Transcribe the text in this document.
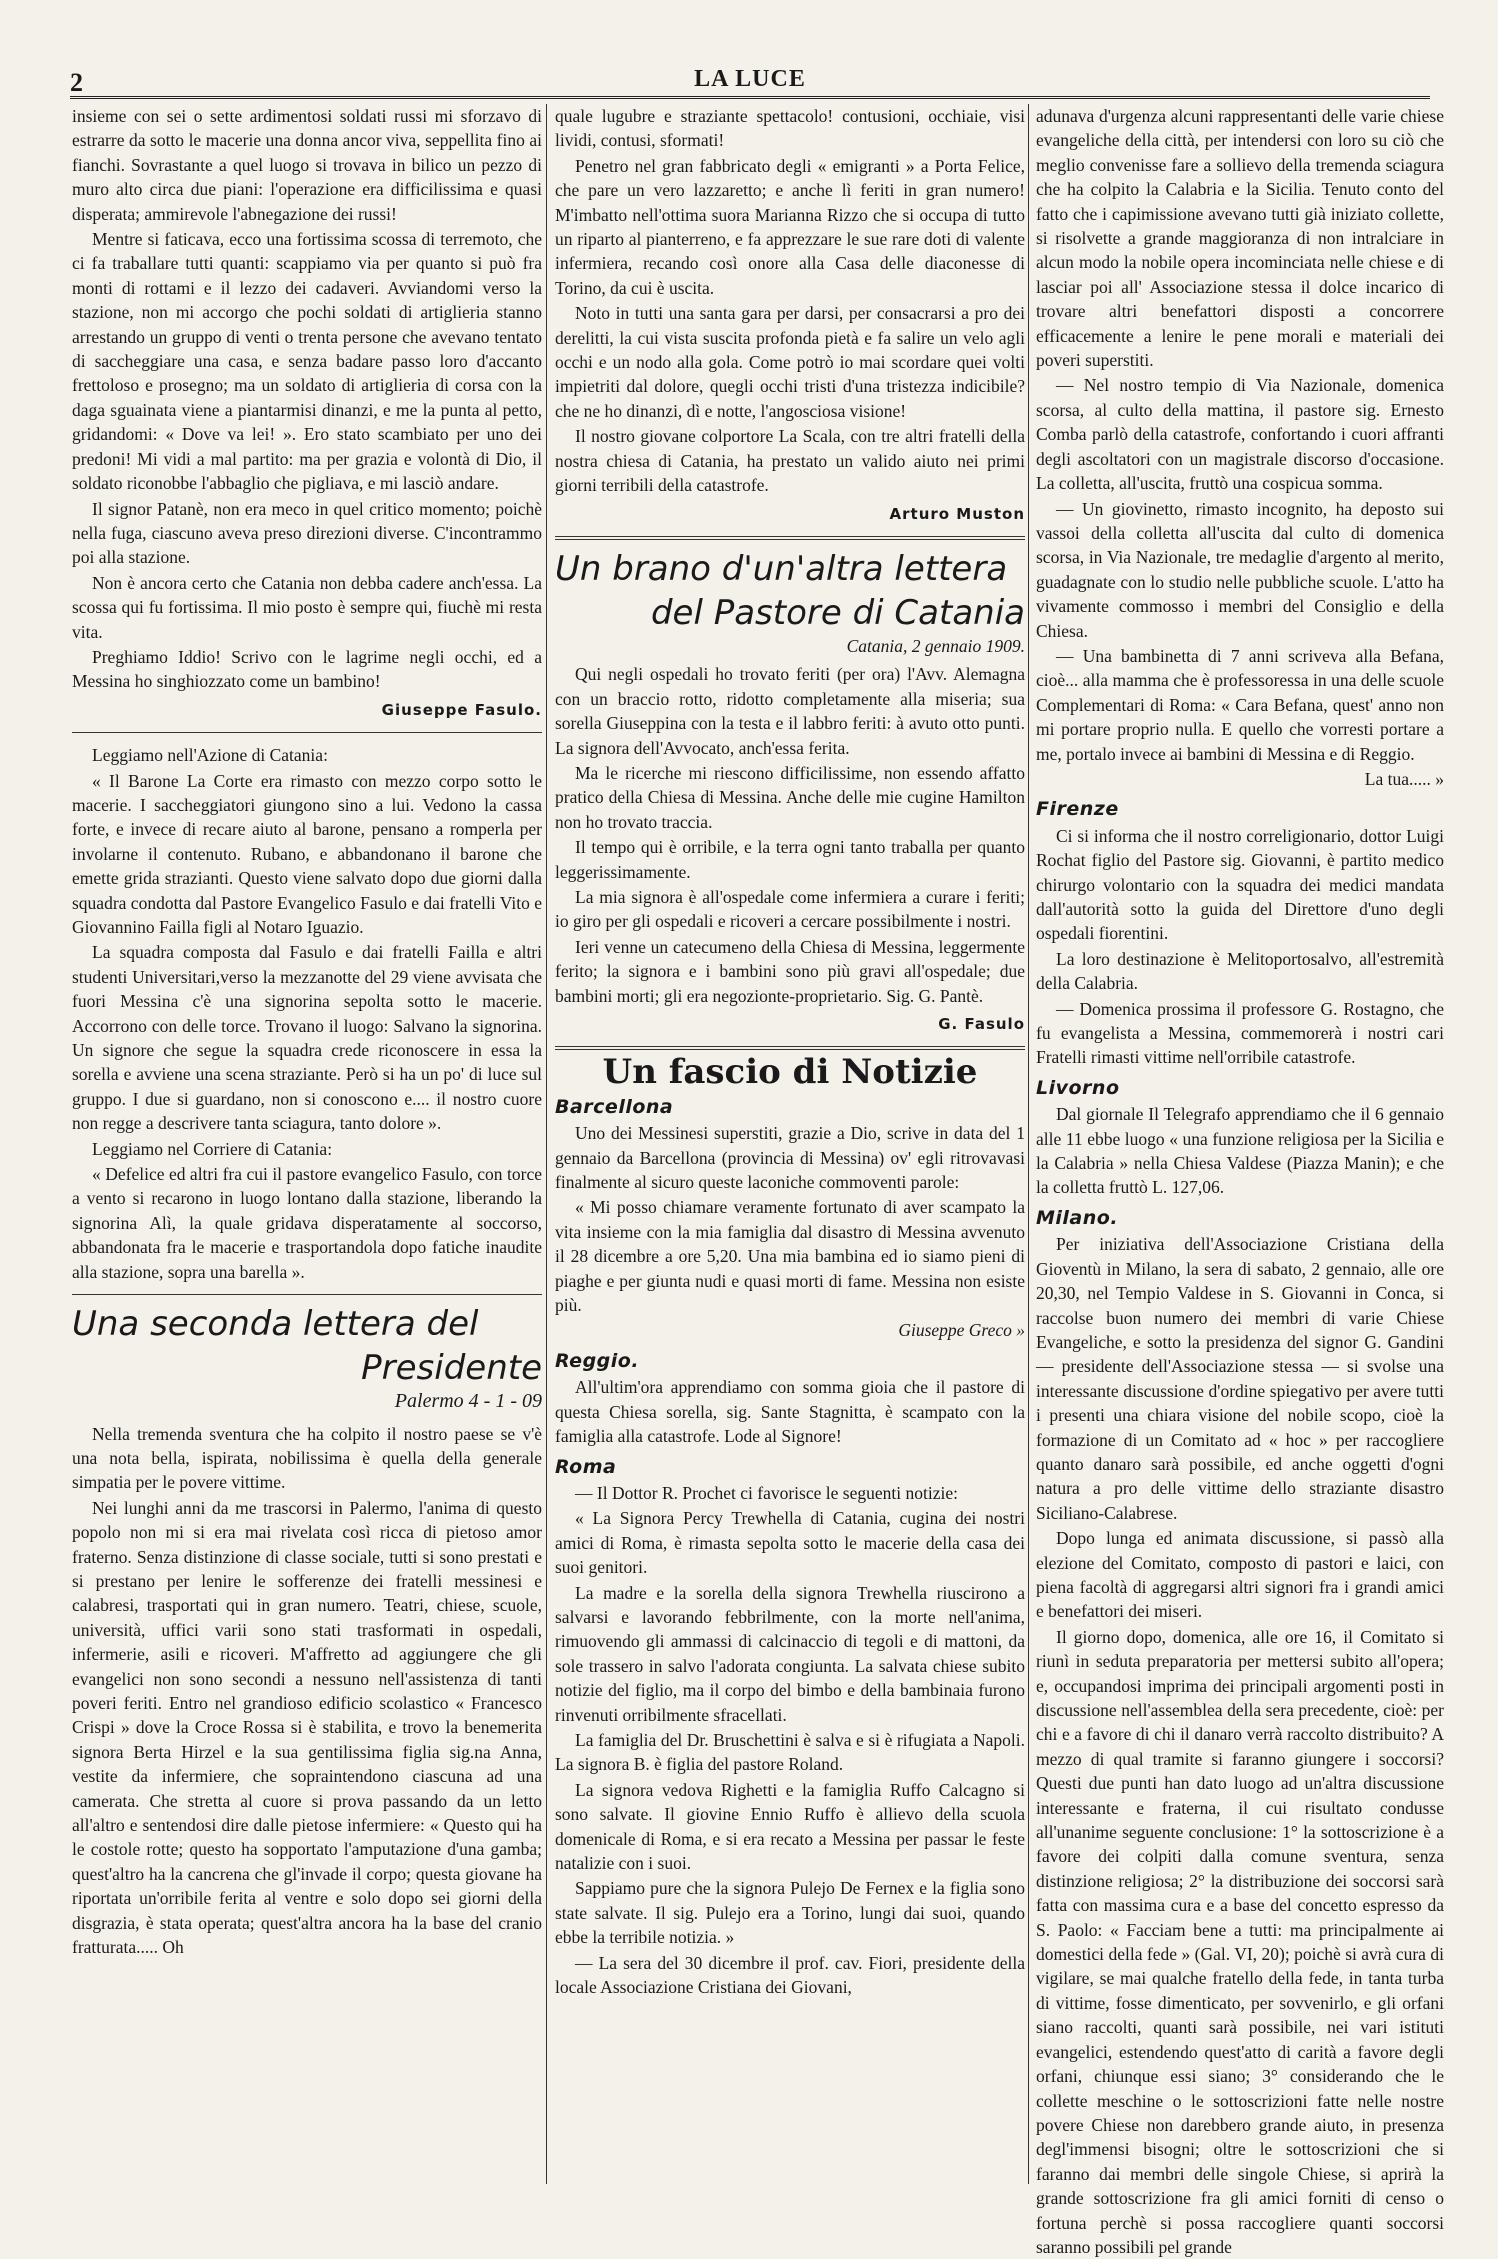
2	LA LUCE

insieme con sei o sette ardimentosi soldati russi mi sforzavo di estrarre da sotto le macerie una donna ancor viva, seppellita fino ai fianchi. Sovrastante a quel luogo si trovava in bilico un pezzo di muro alto circa due piani: l'operazione era difficilissima e quasi disperata; ammirevole l'abnegazione dei russi!

Mentre si faticava, ecco una fortissima scossa di terremoto, che ci fa traballare tutti quanti: scappiamo via per quanto si può fra monti di rottami e il lezzo dei cadaveri. Avviandomi verso la stazione, non mi accorgo che pochi soldati di artiglieria stanno arrestando un gruppo di venti o trenta persone che avevano tentato di saccheggiare una casa, e senza badare passo loro d'accanto frettoloso e prosegno; ma un soldato di artiglieria di corsa con la daga sguainata viene a piantarmisi dinanzi, e me la punta al petto, gridandomi: « Dove va lei! ». Ero stato scambiato per uno dei predoni! Mi vidi a mal partito: ma per grazia e volontà di Dio, il soldato riconobbe l'abbaglio che pigliava, e mi lasciò andare.

Il signor Patanè, non era meco in quel critico momento; poichè nella fuga, ciascuno aveva preso direzioni diverse. C'incontrammo poi alla stazione.

Non è ancora certo che Catania non debba cadere anch'essa. La scossa qui fu fortissima. Il mio posto è sempre qui, fiuchè mi resta vita.

Preghiamo Iddio! Scrivo con le lagrime negli occhi, ed a Messina ho singhiozzato come un bambino!

Giuseppe Fasulo.

Leggiamo nell'Azione di Catania:

« Il Barone La Corte era rimasto con mezzo corpo sotto le macerie. I saccheggiatori giungono sino a lui. Vedono la cassa forte, e invece di recare aiuto al barone, pensano a romperla per involarne il contenuto. Rubano, e abbandonano il barone che emette grida strazianti. Questo viene salvato dopo due giorni dalla squadra condotta dal Pastore Evangelico Fasulo e dai fratelli Vito e Giovannino Failla figli al Notaro Iguazio.

La squadra composta dal Fasulo e dai fratelli Failla e altri studenti Universitari,verso la mezzanotte del 29 viene avvisata che fuori Messina c'è una signorina sepolta sotto le macerie. Accorrono con delle torce. Trovano il luogo: Salvano la signorina. Un signore che segue la squadra crede riconoscere in essa la sorella e avviene una scena straziante. Però si ha un po' di luce sul gruppo. I due si guardano, non si conoscono e.... il nostro cuore non regge a descrivere tanta sciagura, tanto dolore ».

Leggiamo nel Corriere di Catania:

« Defelice ed altri fra cui il pastore evangelico Fasulo, con torce a vento si recarono in luogo lontano dalla stazione, liberando la signorina Alì, la quale gridava disperatamente al soccorso, abbandonata fra le macerie e trasportandola dopo fatiche inaudite alla stazione, sopra una barella ».

Una seconda lettera del
Presidente
Palermo 4 - 1 - 09

Nella tremenda sventura che ha colpito il nostro paese se v'è una nota bella, ispirata, nobilissima è quella della generale simpatia per le povere vittime.

Nei lunghi anni da me trascorsi in Palermo, l'anima di questo popolo non mi si era mai rivelata così ricca di pietoso amor fraterno. Senza distinzione di classe sociale, tutti si sono prestati e si prestano per lenire le sofferenze dei fratelli messinesi e calabresi, trasportati qui in gran numero. Teatri, chiese, scuole, università, uffici varii sono stati trasformati in ospedali, infermerie, asili e ricoveri. M'affretto ad aggiungere che gli evangelici non sono secondi a nessuno nell'assistenza di tanti poveri feriti. Entro nel grandioso edificio scolastico « Francesco Crispi » dove la Croce Rossa si è stabilita, e trovo la benemerita signora Berta Hirzel e la sua gentilissima figlia sig.na Anna, vestite da infermiere, che sopraintendono ciascuna ad una camerata. Che stretta al cuore si prova passando da un letto all'altro e sentendosi dire dalle pietose infermiere: « Questo qui ha le costole rotte; questo ha sopportato l'amputazione d'una gamba; quest'altro ha la cancrena che gl'invade il corpo; questa giovane ha riportata un'orribile ferita al ventre e solo dopo sei giorni della disgrazia, è stata operata; quest'altra ancora ha la base del cranio fratturata..... Oh

quale lugubre e straziante spettacolo! contusioni, occhiaie, visi lividi, contusi, sformati!

Penetro nel gran fabbricato degli « emigranti » a Porta Felice, che pare un vero lazzaretto; e anche lì feriti in gran numero! M'imbatto nell'ottima suora Marianna Rizzo che si occupa di tutto un riparto al pianterreno, e fa apprezzare le sue rare doti di valente infermiera, recando così onore alla Casa delle diaconesse di Torino, da cui è uscita.

Noto in tutti una santa gara per darsi, per consacrarsi a pro dei derelitti, la cui vista suscita profonda pietà e fa salire un velo agli occhi e un nodo alla gola. Come potrò io mai scordare quei volti impietriti dal dolore, quegli occhi tristi d'una tristezza indicibile? che ne ho dinanzi, dì e notte, l'angosciosa visione!

Il nostro giovane colportore La Scala, con tre altri fratelli della nostra chiesa di Catania, ha prestato un valido aiuto nei primi giorni terribili della catastrofe.

Arturo Muston
Un brano d'un'altra lettera
del Pastore di Catania
Catania, 2 gennaio 1909.

Qui negli ospedali ho trovato feriti (per ora) l'Avv. Alemagna con un braccio rotto, ridotto completamente alla miseria; sua sorella Giuseppina con la testa e il labbro feriti: à avuto otto punti. La signora dell'Avvocato, anch'essa ferita.

Ma le ricerche mi riescono difficilissime, non essendo affatto pratico della Chiesa di Messina. Anche delle mie cugine Hamilton non ho trovato traccia.

Il tempo qui è orribile, e la terra ogni tanto traballa per quanto leggerissimamente.

La mia signora è all'ospedale come infermiera a curare i feriti; io giro per gli ospedali e ricoveri a cercare possibilmente i nostri.

Ieri venne un catecumeno della Chiesa di Messina, leggermente ferito; la signora e i bambini sono più gravi all'ospedale; due bambini morti; gli era negozionte-proprietario. Sig. G. Pantè.

G. Fasulo
Un fascio di Notizie
Barcellona

Uno dei Messinesi superstiti, grazie a Dio, scrive in data del 1 gennaio da Barcellona (provincia di Messina) ov' egli ritrovavasi finalmente al sicuro queste laconiche commoventi parole:

« Mi posso chiamare veramente fortunato di aver scampato la vita insieme con la mia famiglia dal disastro di Messina avvenuto il 28 dicembre a ore 5,20. Una mia bambina ed io siamo pieni di piaghe e per giunta nudi e quasi morti di fame. Messina non esiste più.

Giuseppe Greco »
Reggio.

All'ultim'ora apprendiamo con somma gioia che il pastore di questa Chiesa sorella, sig. Sante Stagnitta, è scampato con la famiglia alla catastrofe. Lode al Signore!

Roma

— Il Dottor R. Prochet ci favorisce le seguenti notizie:

« La Signora Percy Trewhella di Catania, cugina dei nostri amici di Roma, è rimasta sepolta sotto le macerie della casa dei suoi genitori.

La madre e la sorella della signora Trewhella riuscirono a salvarsi e lavorando febbrilmente, con la morte nell'anima, rimuovendo gli ammassi di calcinaccio di tegoli e di mattoni, da sole trassero in salvo l'adorata congiunta. La salvata chiese subito notizie del figlio, ma il corpo del bimbo e della bambinaia furono rinvenuti orribilmente sfracellati.

La famiglia del Dr. Bruschettini è salva e si è rifugiata a Napoli. La signora B. è figlia del pastore Roland.

La signora vedova Righetti e la famiglia Ruffo Calcagno si sono salvate. Il giovine Ennio Ruffo è allievo della scuola domenicale di Roma, e si era recato a Messina per passar le feste natalizie con i suoi.

Sappiamo pure che la signora Pulejo De Fernex e la figlia sono state salvate. Il sig. Pulejo era a Torino, lungi dai suoi, quando ebbe la terribile notizia. »

— La sera del 30 dicembre il prof. cav. Fiori, presidente della locale Associazione Cristiana dei Giovani,

adunava d'urgenza alcuni rappresentanti delle varie chiese evangeliche della città, per intendersi con loro su ciò che meglio convenisse fare a sollievo della tremenda sciagura che ha colpito la Calabria e la Sicilia. Tenuto conto del fatto che i capimissione avevano tutti già iniziato collette, si risolvette a grande maggioranza di non intralciare in alcun modo la nobile opera incominciata nelle chiese e di lasciar poi all' Associazione stessa il dolce incarico di trovare altri benefattori disposti a concorrere efficacemente a lenire le pene morali e materiali dei poveri superstiti.

— Nel nostro tempio di Via Nazionale, domenica scorsa, al culto della mattina, il pastore sig. Ernesto Comba parlò della catastrofe, confortando i cuori affranti degli ascoltatori con un magistrale discorso d'occasione. La colletta, all'uscita, fruttò una cospicua somma.

— Un giovinetto, rimasto incognito, ha deposto sui vassoi della colletta all'uscita dal culto di domenica scorsa, in Via Nazionale, tre medaglie d'argento al merito, guadagnate con lo studio nelle pubbliche scuole. L'atto ha vivamente commosso i membri del Consiglio e della Chiesa.

— Una bambinetta di 7 anni scriveva alla Befana, cioè... alla mamma che è professoressa in una delle scuole Complementari di Roma: « Cara Befana, quest' anno non mi portare proprio nulla. E quello che vorresti portare a me, portalo invece ai bambini di Messina e di Reggio.

La tua..... »
Firenze

Ci si informa che il nostro correligionario, dottor Luigi Rochat figlio del Pastore sig. Giovanni, è partito medico chirurgo volontario con la squadra dei medici mandata dall'autorità sotto la guida del Direttore d'uno degli ospedali fiorentini.

La loro destinazione è Melitoportosalvo, all'estremità della Calabria.

— Domenica prossima il professore G. Rostagno, che fu evangelista a Messina, commemorerà i nostri cari Fratelli rimasti vittime nell'orribile catastrofe.

Livorno

Dal giornale Il Telegrafo apprendiamo che il 6 gennaio alle 11 ebbe luogo « una funzione religiosa per la Sicilia e la Calabria » nella Chiesa Valdese (Piazza Manin); e che la colletta fruttò L. 127,06.

Milano.

Per iniziativa dell'Associazione Cristiana della Gioventù in Milano, la sera di sabato, 2 gennaio, alle ore 20,30, nel Tempio Valdese in S. Giovanni in Conca, si raccolse buon numero dei membri di varie Chiese Evangeliche, e sotto la presidenza del signor G. Gandini — presidente dell'Associazione stessa — si svolse una interessante discussione d'ordine spiegativo per avere tutti i presenti una chiara visione del nobile scopo, cioè la formazione di un Comitato ad « hoc » per raccogliere quanto danaro sarà possibile, ed anche oggetti d'ogni natura a pro delle vittime dello straziante disastro Siciliano-Calabrese.

Dopo lunga ed animata discussione, si passò alla elezione del Comitato, composto di pastori e laici, con piena facoltà di aggregarsi altri signori fra i grandi amici e benefattori dei miseri.

Il giorno dopo, domenica, alle ore 16, il Comitato si riunì in seduta preparatoria per mettersi subito all'opera; e, occupandosi imprima dei principali argomenti posti in discussione nell'assemblea della sera precedente, cioè: per chi e a favore di chi il danaro verrà raccolto distribuito? A mezzo di qual tramite si faranno giungere i soccorsi? Questi due punti han dato luogo ad un'altra discussione interessante e fraterna, il cui risultato condusse all'unanime seguente conclusione: 1° la sottoscrizione è a favore dei colpiti dalla comune sventura, senza distinzione religiosa; 2° la distribuzione dei soccorsi sarà fatta con massima cura e a base del concetto espresso da S. Paolo: « Facciam bene a tutti: ma principalmente ai domestici della fede » (Gal. VI, 20); poichè si avrà cura di vigilare, se mai qualche fratello della fede, in tanta turba di vittime, fosse dimenticato, per sovvenirlo, e gli orfani siano raccolti, quanti sarà possibile, nei vari istituti evangelici, estendendo quest'atto di carità a favore degli orfani, chiunque essi siano; 3° considerando che le collette meschine o le sottoscrizioni fatte nelle nostre povere Chiese non darebbero grande aiuto, in presenza degl'immensi bisogni; oltre le sottoscrizioni che si faranno dai membri delle singole Chiese, si aprirà la grande sottoscrizione fra gli amici forniti di censo o fortuna perchè si possa raccogliere quanti soccorsi saranno possibili pel grande
